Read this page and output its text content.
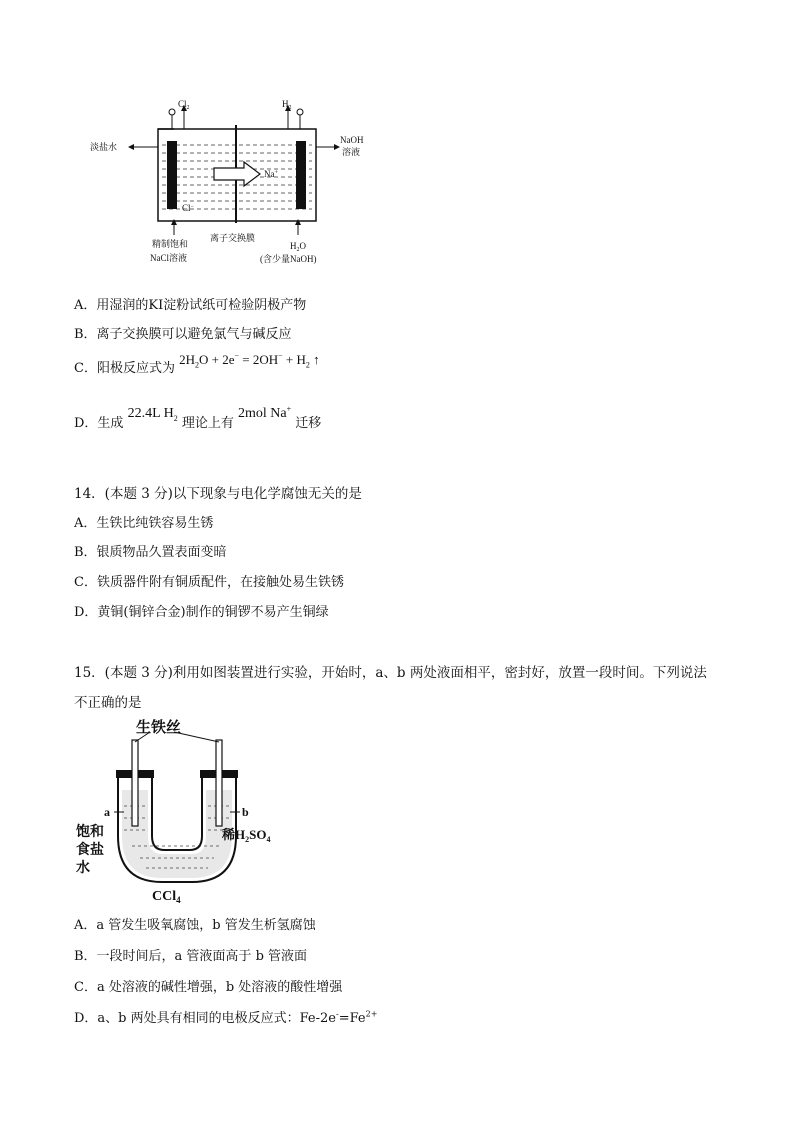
$Cl_2$	$H_2$
淡盐水
NaOH
溶液
Na+
Cl−
离子交换膜
精制饱和
NaCl溶液
$H_2O$
(含少量NaOH)
A．用湿润的KI淀粉试纸可检验阴极产物
B．离子交换膜可以避免氯气与碱反应
C．阳极反应式为 $2H_2O + 2e^- = 2OH^- + H_2$ ↑
D．生成 22.4L $H_2$ 理论上有 2mol Na+ 迁移
14．(本题 3 分)以下现象与电化学腐蚀无关的是
A．生铁比纯铁容易生锈
B．银质物品久置表面变暗
C．铁质器件附有铜质配件，在接触处易生铁锈
D．黄铜(铜锌合金)制作的铜锣不易产生铜绿
15．(本题 3 分)利用如图装置进行实验，开始时，a、b 两处液面相平，密封好，放置一段时间。下列说法
不正确的是
生铁丝
a	b
饱和
食盐
水
稀$H_2SO_4$
CCl$_4$
A．a 管发生吸氧腐蚀，b 管发生析氢腐蚀
B．一段时间后，a 管液面高于 b 管液面
C．a 处溶液的碱性增强，b 处溶液的酸性增强
D．a、b 两处具有相同的电极反应式：$Fe-2e^-=Fe^{2+}$
